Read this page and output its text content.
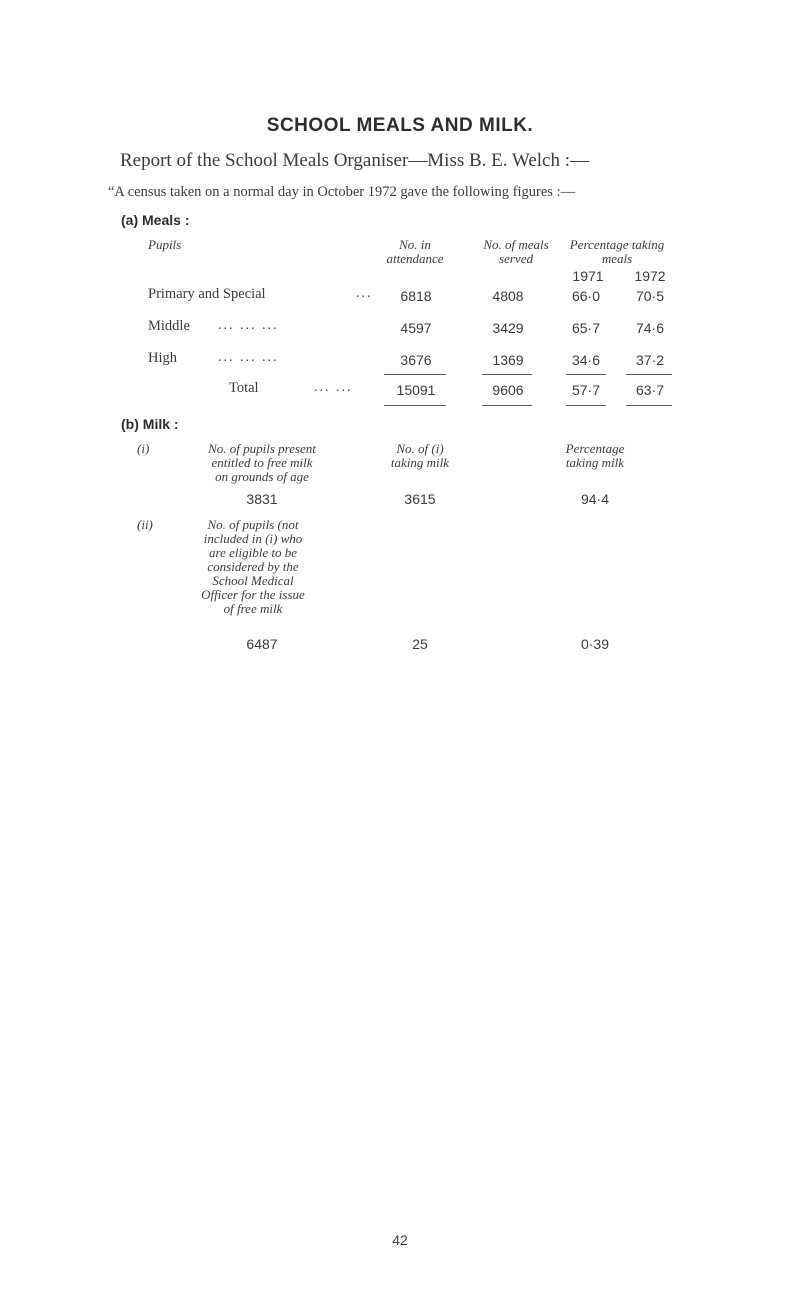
SCHOOL MEALS AND MILK.
Report of the School Meals Organiser—Miss B. E. Welch :—
“A census taken on a normal day in October 1972 gave the following figures :—
(a) Meals :
Pupils	No. in attendance
No. of meals served
Percentage taking meals
1971	1972
Primary and Special	...	6818	4808	66·0	70·5
Middle ... ... ...	4597	3429	65·7	74·6
High	... ... ...	3676	1369	34·6	37·2
Total	... ...	15091	9606	57·7	63·7
(b) Milk :
(i)	No. of pupils present
entitled to free milk
on grounds of age
No. of (i)
taking milk
Percentage
taking milk
3831	3615	94·4
(ii)	No. of pupils (not
included in (i) who
are eligible to be
considered by the
School Medical
Officer for the issue
of free milk
6487	25	0·39
42
